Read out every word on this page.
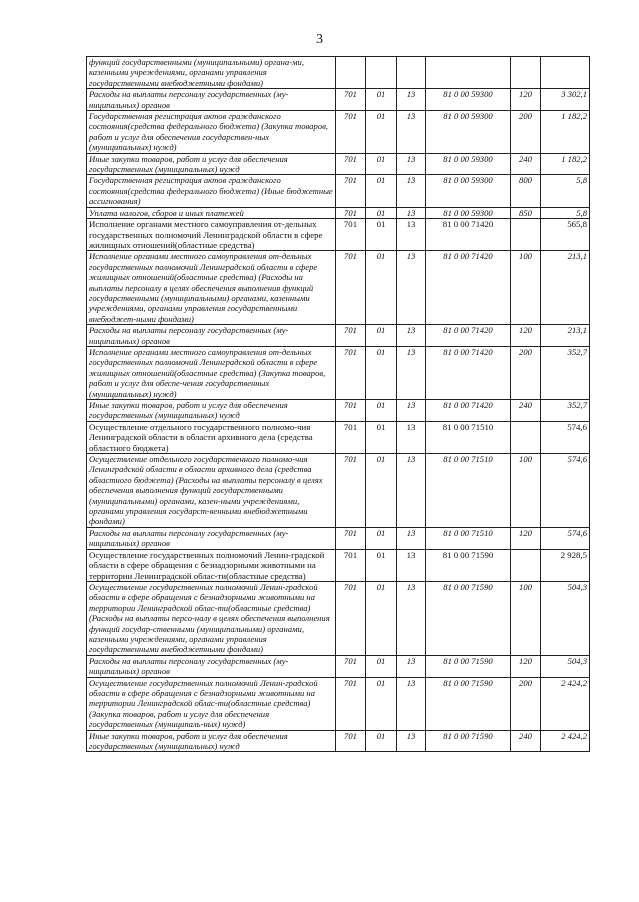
3
функций государственными (муниципальными) органа-ми, казенными учреждениями, органами управления государственными внебюджетными фондами)						
Расходы на выплаты персоналу государственных (му-ниципальных) органов	701	01	13	81 0 00 59300	120	3 302,1
Государственная регистрация актов гражданского состояния(средства федерального бюджета) (Закупка товаров, работ и услуг для обеспечения государствен-ных (муниципальных) нужд)	701	01	13	81 0 00 59300	200	1 182,2
Иные закупки товаров, работ и услуг для обеспечения государственных (муниципальных) нужд	701	01	13	81 0 00 59300	240	1 182,2
Государственная регистрация актов гражданского состояния(средства федерального бюджета) (Иные бюджетные ассигнования)	701	01	13	81 0 00 59300	800	5,8
Уплата налогов, сборов и иных платежей	701	01	13	81 0 00 59300	850	5,8
Исполнение органами местного самоуправления от-дельных государственных полномочий Ленинградской области в сфере жилищных отношений(областные средства)	701	01	13	81 0 00 71420		565,8
Исполнение органами местного самоуправления от-дельных государственных полномочий Ленинградской области в сфере жилищных отношений(областные средства) (Расходы на выплаты персоналу в целях обеспечения выполнения функций государственными (муниципальными) органами, казенными учреждениями, органами управления государственными внебюджет-ными фондами)	701	01	13	81 0 00 71420	100	213,1
Расходы на выплаты персоналу государственных (му-ниципальных) органов	701	01	13	81 0 00 71420	120	213,1
Исполнение органами местного самоуправления от-дельных государственных полномочий Ленинградской области в сфере жилищных отношений(областные средства) (Закупка товаров, работ и услуг для обеспе-чения государственных (муниципальных) нужд)	701	01	13	81 0 00 71420	200	352,7
Иные закупки товаров, работ и услуг для обеспечения государственных (муниципальных) нужд	701	01	13	81 0 00 71420	240	352,7
Осуществление отдельного государственного полномо-чия Ленинградской области в области архивного дела (средства областного бюджета)	701	01	13	81 0 00 71510		574,6
Осуществление отдельного государственного полномо-чия Ленинградской области в области архивного дела (средства областного бюджета) (Расходы на выплаты персоналу в целях обеспечения выполнения функций государственными (муниципальными) органами, казен-ными учреждениями, органами управления государст-венными внебюджетными фондами)	701	01	13	81 0 00 71510	100	574,6
Расходы на выплаты персоналу государственных (му-ниципальных) органов	701	01	13	81 0 00 71510	120	574,6
Осуществление государственных полномочий Ленин-градской области в сфере обращения с безнадзорными животными на территории Ленинградской облас-ти(областные средства)	701	01	13	81 0 00 71590		2 928,5
Осуществление государственных полномочий Ленин-градской области в сфере обращения с безнадзорными животными на территории Ленинградской облас-ти(областные средства) (Расходы на выплаты персо-налу в целях обеспечения выполнения функций государ-ственными (муниципальными) органами, казенными учреждениями, органами управления государственными внебюджетными фондами)	701	01	13	81 0 00 71590	100	504,3
Расходы на выплаты персоналу государственных (му-ниципальных) органов	701	01	13	81 0 00 71590	120	504,3
Осуществление государственных полномочий Ленин-градской области в сфере обращения с безнадзорными животными на территории Ленинградской облас-ти(областные средства) (Закупка товаров, работ и услуг для обеспечения государственных (муниципаль-ных) нужд)	701	01	13	81 0 00 71590	200	2 424,2
Иные закупки товаров, работ и услуг для обеспечения государственных (муниципальных) нужд	701	01	13	81 0 00 71590	240	2 424,2
